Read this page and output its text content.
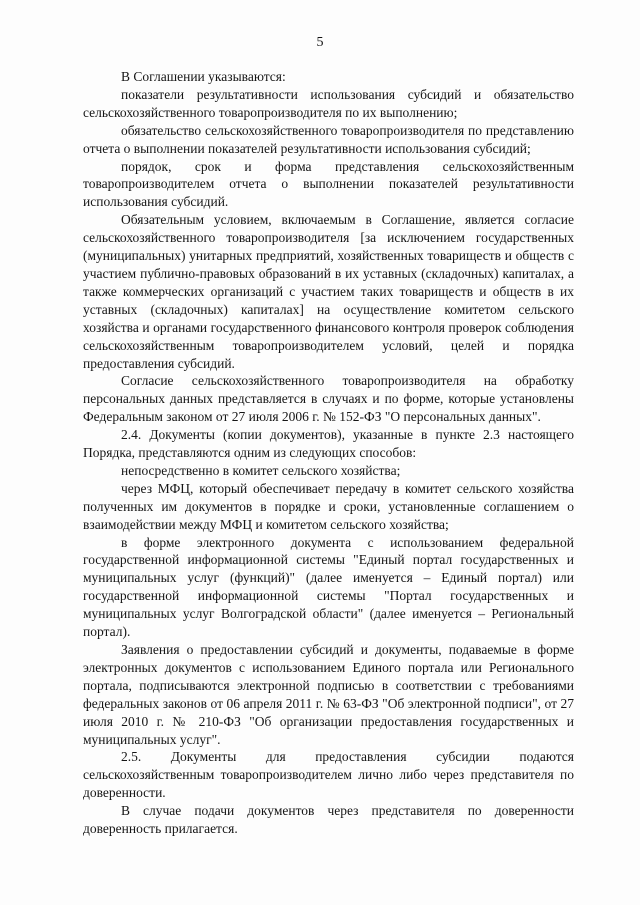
5

В Соглашении указываются:

показатели результативности использования субсидий и обязательство сельскохозяйственного товаропроизводителя по их выполнению;

обязательство сельскохозяйственного товаропроизводителя по представлению отчета о выполнении показателей результативности использования субсидий;

порядок, срок и форма представления сельскохозяйственным товаропроизводителем отчета о выполнении показателей результативности использования субсидий.

Обязательным условием, включаемым в Соглашение, является согласие сельскохозяйственного товаропроизводителя [за исключением государственных (муниципальных) унитарных предприятий, хозяйственных товариществ и обществ с участием публично-правовых образований в их уставных (складочных) капиталах, а также коммерческих организаций с участием таких товариществ и обществ в их уставных (складочных) капиталах] на осуществление комитетом сельского хозяйства и органами государственного финансового контроля проверок соблюдения сельскохозяйственным товаропроизводителем условий, целей и порядка предоставления субсидий.

Согласие сельскохозяйственного товаропроизводителя на обработку персональных данных представляется в случаях и по форме, которые установлены Федеральным законом от 27 июля 2006 г. № 152-ФЗ "О персональных данных".

2.4. Документы (копии документов), указанные в пункте 2.3 настоящего Порядка, представляются одним из следующих способов:

непосредственно в комитет сельского хозяйства;

через МФЦ, который обеспечивает передачу в комитет сельского хозяйства полученных им документов в порядке и сроки, установленные соглашением о взаимодействии между МФЦ и комитетом сельского хозяйства;

в форме электронного документа с использованием федеральной государственной информационной системы "Единый портал государственных и муниципальных услуг (функций)" (далее именуется – Единый портал) или государственной информационной системы "Портал государственных и муниципальных услуг Волгоградской области" (далее именуется – Региональный портал).

Заявления о предоставлении субсидий и документы, подаваемые в форме электронных документов с использованием Единого портала или Регионального портала, подписываются электронной подписью в соответствии с требованиями федеральных законов от 06 апреля 2011 г. № 63-ФЗ "Об электронной подписи", от 27 июля 2010 г. № 210-ФЗ "Об организации предоставления государственных и муниципальных услуг".

2.5. Документы для предоставления субсидии подаются сельскохозяйственным товаропроизводителем лично либо через представителя по доверенности.

В случае подачи документов через представителя по доверенности доверенность прилагается.
